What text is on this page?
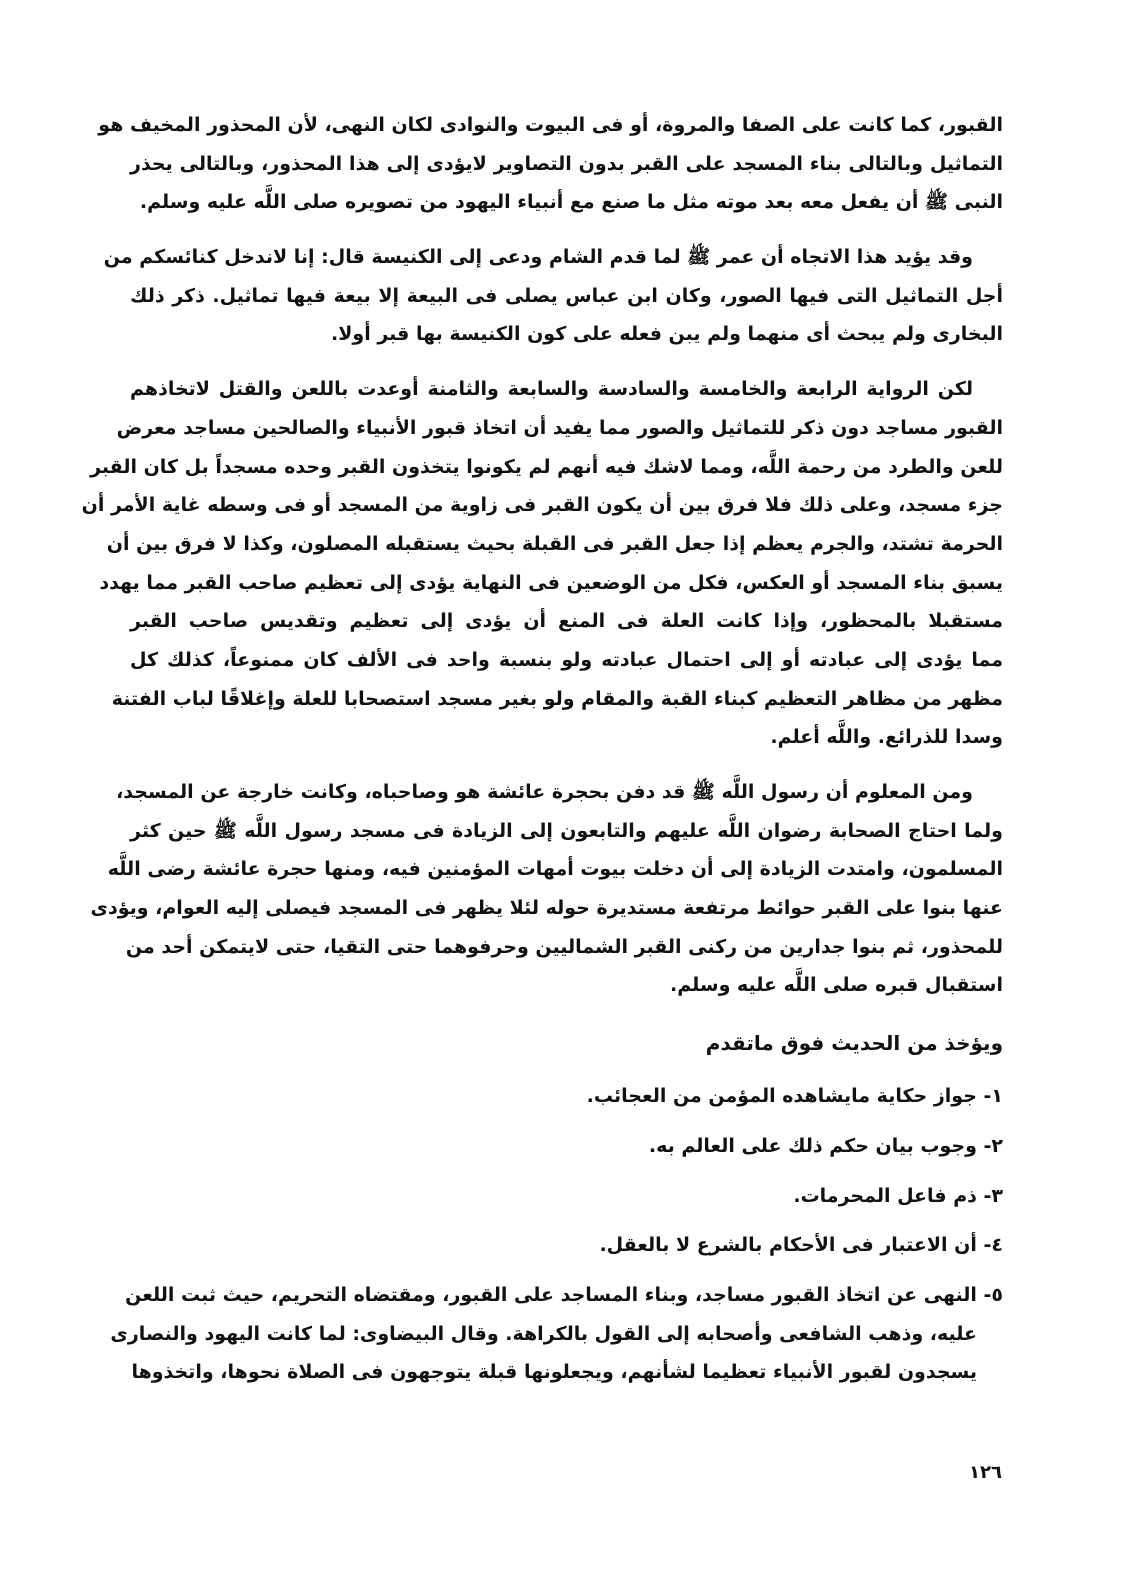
القبور، كما كانت على الصفا والمروة، أو فى البيوت والنوادى لكان النهى، لأن المحذور المخيف هو
التماثيل وبالتالى بناء المسجد على القبر بدون التصاوير لايؤدى إلى هذا المحذور، وبالتالى يحذر
النبى ﷺ أن يفعل معه بعد موته مثل ما صنع مع أنبياء اليهود من تصويره صلى اللَّه عليه وسلم.
وقد يؤيد هذا الاتجاه أن عمر ﷺ لما قدم الشام ودعى إلى الكنيسة قال: إنا لاندخل كنائسكم من
أجل التماثيل التى فيها الصور، وكان ابن عباس يصلى فى البيعة إلا بيعة فيها تماثيل. ذكر ذلك
البخارى ولم يبحث أى منهما ولم يبن فعله على كون الكنيسة بها قبر أولا.
لكن الرواية الرابعة والخامسة والسادسة والسابعة والثامنة أوعدت باللعن والقتل لاتخاذهم
القبور مساجد دون ذكر للتماثيل والصور مما يفيد أن اتخاذ قبور الأنبياء والصالحين مساجد معرض
للعن والطرد من رحمة اللَّه، ومما لاشك فيه أنهم لم يكونوا يتخذون القبر وحده مسجداً بل كان القبر
جزء مسجد، وعلى ذلك فلا فرق بين أن يكون القبر فى زاوية من المسجد أو فى وسطه غاية الأمر أن
الحرمة تشتد، والجرم يعظم إذا جعل القبر فى القبلة بحيث يستقبله المصلون، وكذا لا فرق بين أن
يسبق بناء المسجد أو العكس، فكل من الوضعين فى النهاية يؤدى إلى تعظيم صاحب القبر مما يهدد
مستقبلا بالمحظور، وإذا كانت العلة فى المنع أن يؤدى إلى تعظيم وتقديس صاحب القبر
مما يؤدى إلى عبادته أو إلى احتمال عبادته ولو بنسبة واحد فى الألف كان ممنوعاً، كذلك كل
مظهر من مظاهر التعظيم كبناء القبة والمقام ولو بغير مسجد استصحابا للعلة وإغلاقًا لباب الفتنة
وسدا للذرائع. واللَّه أعلم.
ومن المعلوم أن رسول اللَّه ﷺ قد دفن بحجرة عائشة هو وصاحباه، وكانت خارجة عن المسجد،
ولما احتاج الصحابة رضوان اللَّه عليهم والتابعون إلى الزيادة فى مسجد رسول اللَّه ﷺ حين كثر
المسلمون، وامتدت الزيادة إلى أن دخلت بيوت أمهات المؤمنين فيه، ومنها حجرة عائشة رضى اللَّه
عنها بنوا على القبر حوائط مرتفعة مستديرة حوله لئلا يظهر فى المسجد فيصلى إليه العوام، ويؤدى
للمحذور، ثم بنوا جدارين من ركنى القبر الشماليين وحرفوهما حتى التقيا، حتى لايتمكن أحد من
استقبال قبره صلى اللَّه عليه وسلم.
ويؤخذ من الحديث فوق ماتقدم
١- جواز حكاية مايشاهده المؤمن من العجائب.
٢- وجوب بيان حكم ذلك على العالم به.
٣- ذم فاعل المحرمات.
٤- أن الاعتبار فى الأحكام بالشرع لا بالعقل.
٥- النهى عن اتخاذ القبور مساجد، وبناء المساجد على القبور، ومقتضاه التحريم، حيث ثبت اللعن
عليه، وذهب الشافعى وأصحابه إلى القول بالكراهة. وقال البيضاوى: لما كانت اليهود والنصارى
يسجدون لقبور الأنبياء تعظيما لشأنهم، ويجعلونها قبلة يتوجهون فى الصلاة نحوها، واتخذوها
١٢٦
